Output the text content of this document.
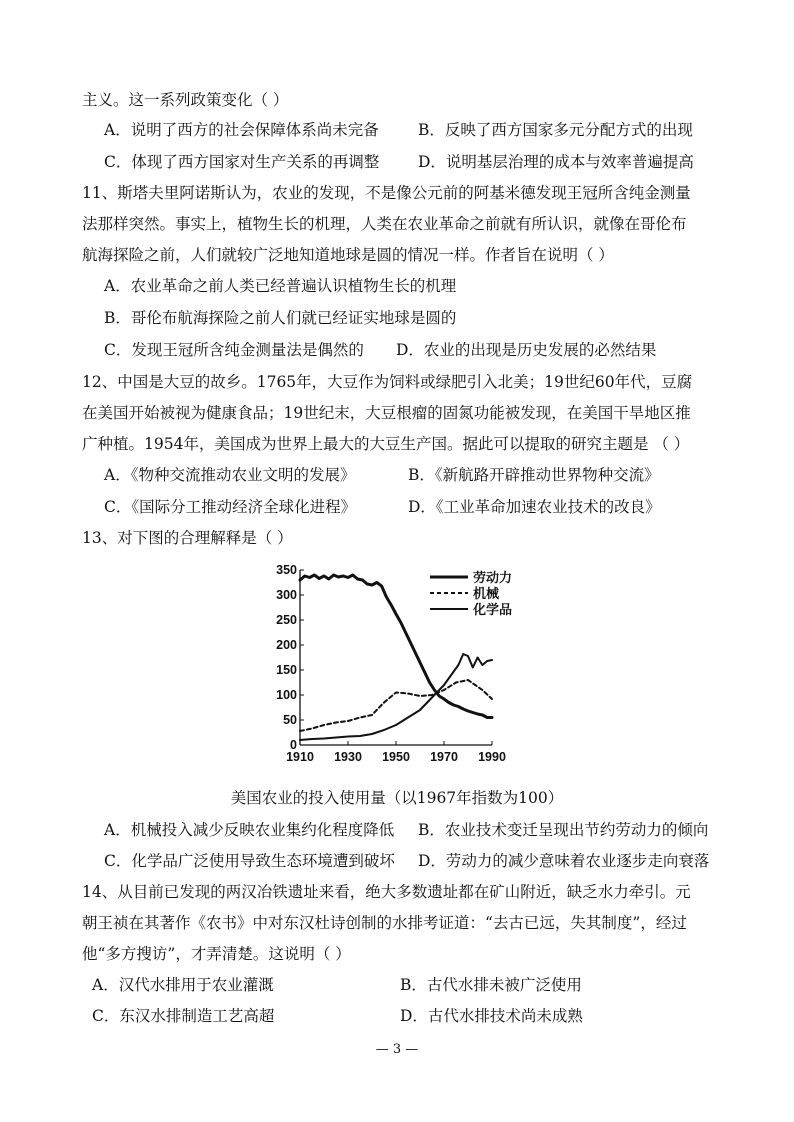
主义。这一系列政策变化（ ）
A．说明了西方的社会保障体系尚未完备	B．反映了西方国家多元分配方式的出现
C．体现了西方国家对生产关系的再调整 D．说明基层治理的成本与效率普遍提高
11、斯塔夫里阿诺斯认为，农业的发现，不是像公元前的阿基米德发现王冠所含纯金测量
法那样突然。事实上，植物生长的机理，人类在农业革命之前就有所认识，就像在哥伦布
航海探险之前，人们就较广泛地知道地球是圆的情况一样。作者旨在说明（ ）
A．农业革命之前人类已经普遍认识植物生长的机理
B．哥伦布航海探险之前人们就已经证实地球是圆的
C．发现王冠所含纯金测量法是偶然的 D．农业的出现是历史发展的必然结果
12、中国是大豆的故乡。1765年，大豆作为饲料或绿肥引入北美；19世纪60年代，豆腐
在美国开始被视为健康食品；19世纪末，大豆根瘤的固氮功能被发现，在美国干旱地区推
广种植。1954年，美国成为世界上最大的大豆生产国。据此可以提取的研究主题是 （ ）
A．《物种交流推动农业文明的发展》	B．《新航路开辟推动世界物种交流》
C．《国际分工推动经济全球化进程》	D．《工业革命加速农业技术的改良》
13、对下图的合理解释是（ ）
0
50
100
150
200
250
300
350
1910 1930 1950 1970 1990
劳动力
机械
化学品
美国农业的投入使用量（以1967年指数为100）
A．机械投入减少反映农业集约化程度降低 B．农业技术变迁呈现出节约劳动力的倾向
C．化学品广泛使用导致生态环境遭到破坏 D．劳动力的减少意味着农业逐步走向衰落
14、从目前已发现的两汉冶铁遗址来看，绝大多数遗址都在矿山附近，缺乏水力牵引。元
朝王祯在其著作《农书》中对东汉杜诗创制的水排考证道：“去古已远，失其制度”，经过
他“多方搜访”，才弄清楚。这说明（ ）
A．汉代水排用于农业灌溉	B．古代水排未被广泛使用
C．东汉水排制造工艺高超	D．古代水排技术尚未成熟
— 3 —
